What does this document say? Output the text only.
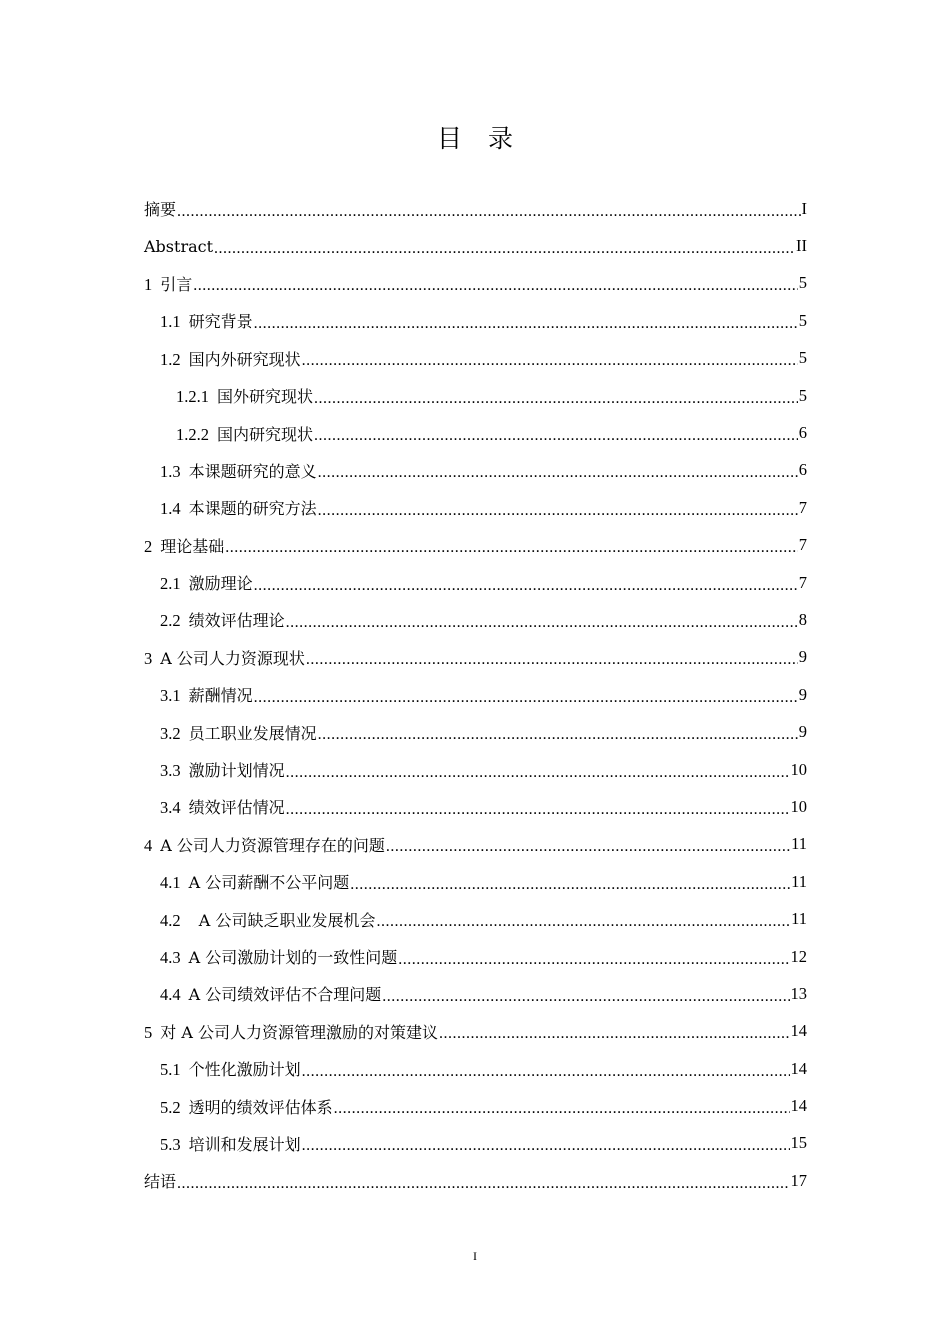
目 录
摘要 .....	I
Abstract .....	II
1 引言 .....	5
1.1 研究背景 .....	5
1.2 国内外研究现状 .....	5
1.2.1 国外研究现状 .....	5
1.2.2 国内研究现状 .....	6
1.3 本课题研究的意义 .....	6
1.4 本课题的研究方法 .....	7
2 理论基础 .....	7
2.1 激励理论 .....	7
2.2 绩效评估理论 .....	8
3 A 公司人力资源现状 .....	9
3.1 薪酬情况 .....	9
3.2 员工职业发展情况 .....	9
3.3 激励计划情况 .....	10
3.4 绩效评估情况 .....	10
4 A 公司人力资源管理存在的问题 .....	11
4.1 A 公司薪酬不公平问题 .....	11
4.2  A 公司缺乏职业发展机会 .....	11
4.3 A 公司激励计划的一致性问题 .....	12
4.4 A 公司绩效评估不合理问题 .....	13
5 对 A 公司人力资源管理激励的对策建议 .....	14
5.1 个性化激励计划 .....	14
5.2 透明的绩效评估体系 .....	14
5.3 培训和发展计划 .....	15
结语 .....	17
I
